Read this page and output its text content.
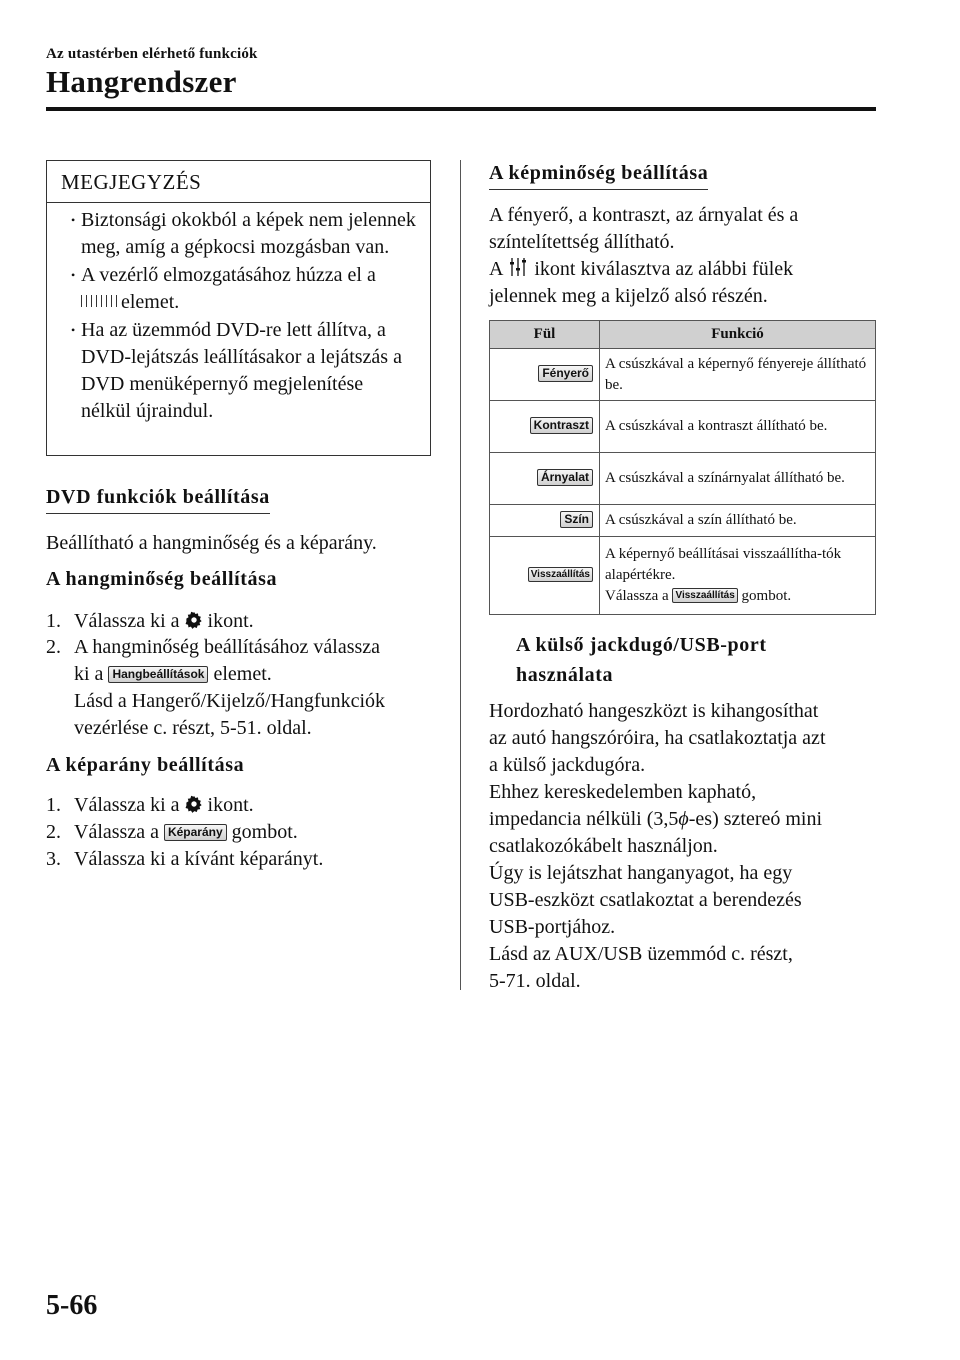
Az utastérben elérhető funkciók
Hangrendszer
MEGJEGYZÉS
• Biztonsági okokból a képek nem jelennek meg, amíg a gépkocsi mozgásban van.
• A vezérlő elmozgatásához húzza el a
elemet.
• Ha az üzemmód DVD-re lett állítva, a DVD-lejátszás leállításakor a lejátszás a DVD menüképernyő megjelenítése nélkül újraindul.
DVD funkciók beállítása
Beállítható a hangminőség és a képarány.
A hangminőség beállítása
1. Válassza ki a ikont.
2. A hangminőség beállításához válassza
ki a Hangbeállítások elemet.
Lásd a Hangerő/Kijelző/Hangfunkciók
vezérlése c. részt, 5-51. oldal.
A képarány beállítása
1. Válassza ki a ikont.
2. Válassza a Képarány gombot.
3. Válassza ki a kívánt képarányt.
A képminőség beállítása
A fényerő, a kontraszt, az árnyalat és a
színtelítettség állítható.
A ikont kiválasztva az alábbi fülek
jelennek meg a kijelző alsó részén.
Fül	Funkció
Fényerő	A csúszkával a képernyő fényereje állítható be.
Kontraszt	A csúszkával a kontraszt állítható be.
Árnyalat	A csúszkával a színárnyalat állítható be.
Szín	A csúszkával a szín állítható be.
Visszaállítás	A képernyő beállításai visszaállítha-tók alapértékre.
Válassza a Visszaállítás gombot.
A külső jackdugó/USB-port
használata
Hordozható hangeszközt is kihangosíthat
az autó hangszóróira, ha csatlakoztatja azt
a külső jackdugóra.
Ehhez kereskedelemben kapható,
impedancia nélküli (3,5ϕ-es) sztereó mini
csatlakozókábelt használjon.
Úgy is lejátszhat hanganyagot, ha egy
USB-eszközt csatlakoztat a berendezés
USB-portjához.
Lásd az AUX/USB üzemmód c. részt,
5-71. oldal.
5-66
